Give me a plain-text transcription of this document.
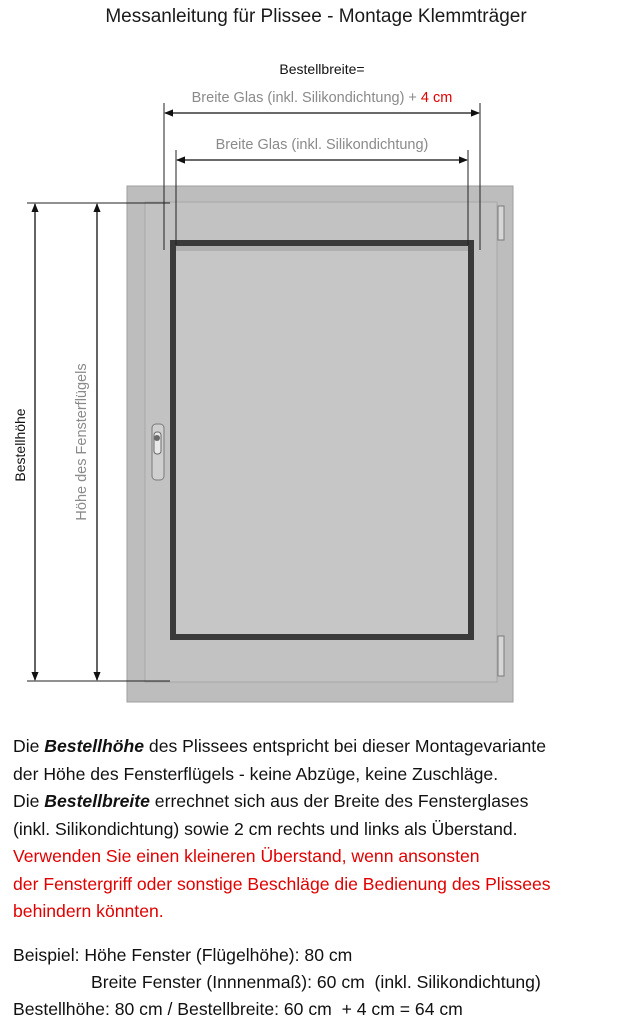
Messanleitung für Plissee - Montage Klemmträger
Bestellbreite=
Breite Glas (inkl. Silikondichtung) + 4 cm
Breite Glas (inkl. Silikondichtung)
Bestellhöhe	Höhe des Fensterflügels

Die Bestellhöhe des Plissees entspricht bei dieser Montagevariante

der Höhe des Fensterflügels - keine Abzüge, keine Zuschläge.

Die Bestellbreite errechnet sich aus der Breite des Fensterglases

(inkl. Silikondichtung) sowie 2 cm rechts und links als Überstand.

Verwenden Sie einen kleineren Überstand, wenn ansonsten

der Fenstergriff oder sonstige Beschläge die Bedienung des Plissees

behindern könnten.

Beispiel: Höhe Fenster (Flügelhöhe): 80 cm
Breite Fenster (Innnenmaß): 60 cm  (inkl. Silikondichtung)
Bestellhöhe: 80 cm / Bestellbreite: 60 cm  + 4 cm = 64 cm
